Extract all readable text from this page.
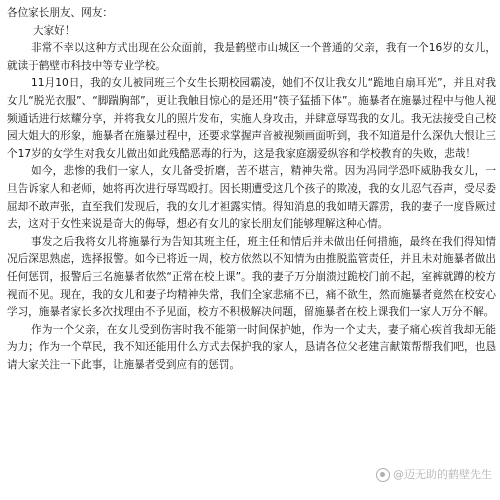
各位家长朋友、网友：

大家好！

非常不幸以这种方式出现在公众面前，我是鹤壁市山城区一个普通的父亲，我有一个16岁的女儿，就读于鹤壁市科技中等专业学校。

11月10日，我的女儿被同班三个女生长期校园霸凌，她们不仅让我女儿“跪地自扇耳光”，并且对我女儿“脱光衣服”、“脚踹胸部”，更让我触目惊心的是还用“筷子猛插下体”。施暴者在施暴过程中与他人视频通话进行炫耀分享，并将我女儿的照片发布，实施人身攻击，并肆意辱骂我的女儿。我无法接受自己校园大姐大的形象，施暴者在施暴过程中，还要求掌握声音被视频画面听到，我不知道是什么深仇大恨让三个17岁的女学生对我女儿做出如此残酷恶毒的行为，这是我家庭溺爱纵容和学校教育的失败，悲哉！

如今，悲惨的我们一家人，女儿备受折磨，苦不堪言，精神失常。因为冯同学恐吓威胁我女儿，一旦告诉家人和老师，她将再次进行辱骂殴打。因长期遭受这几个孩子的欺凌，我的女儿忍气吞声，受尽委屈却不敢声张，直至我们发现后，我的女儿才袒露实情。得知消息的我如晴天霹雳，我的妻子一度昏厥过去，这对于女性来说是奇大的侮辱，想必有女儿的家长朋友们能够理解这种心情。

事发之后我将女儿将施暴行为告知其班主任，班主任和情后并未做出任何措施，最终在我们得知情况后深思熟虑，选择报警。如今已将近一周，校方依然以不知情为由推脱监管责任，并且未对施暴者做出任何惩罚，报警后三名施暴者依然“正常在校上课”。我的妻子万分崩溃过跪校门前不起，室裤就蹲的校方视而不见。现在，我的女儿和妻子均精神失常，我们全家悲痛不已，痛不欲生，然而施暴者竟然在校安心学习，施暴者家长多次找理由不予见面，校方不积极解决问题，留施暴者在校上课我们一家人万分不解。

作为一个父亲，在女儿受到伤害时我不能第一时间保护她，作为一个丈夫，妻子痛心疾首我却无能为力；作为一个草民，我不知还能用什么方式去保护我的家人，恳请各位父老建言献策帮帮我们吧，也恳请大家关注一下此事，让施暴者受到应有的惩罚。

@迈无助的鹤壁先生
